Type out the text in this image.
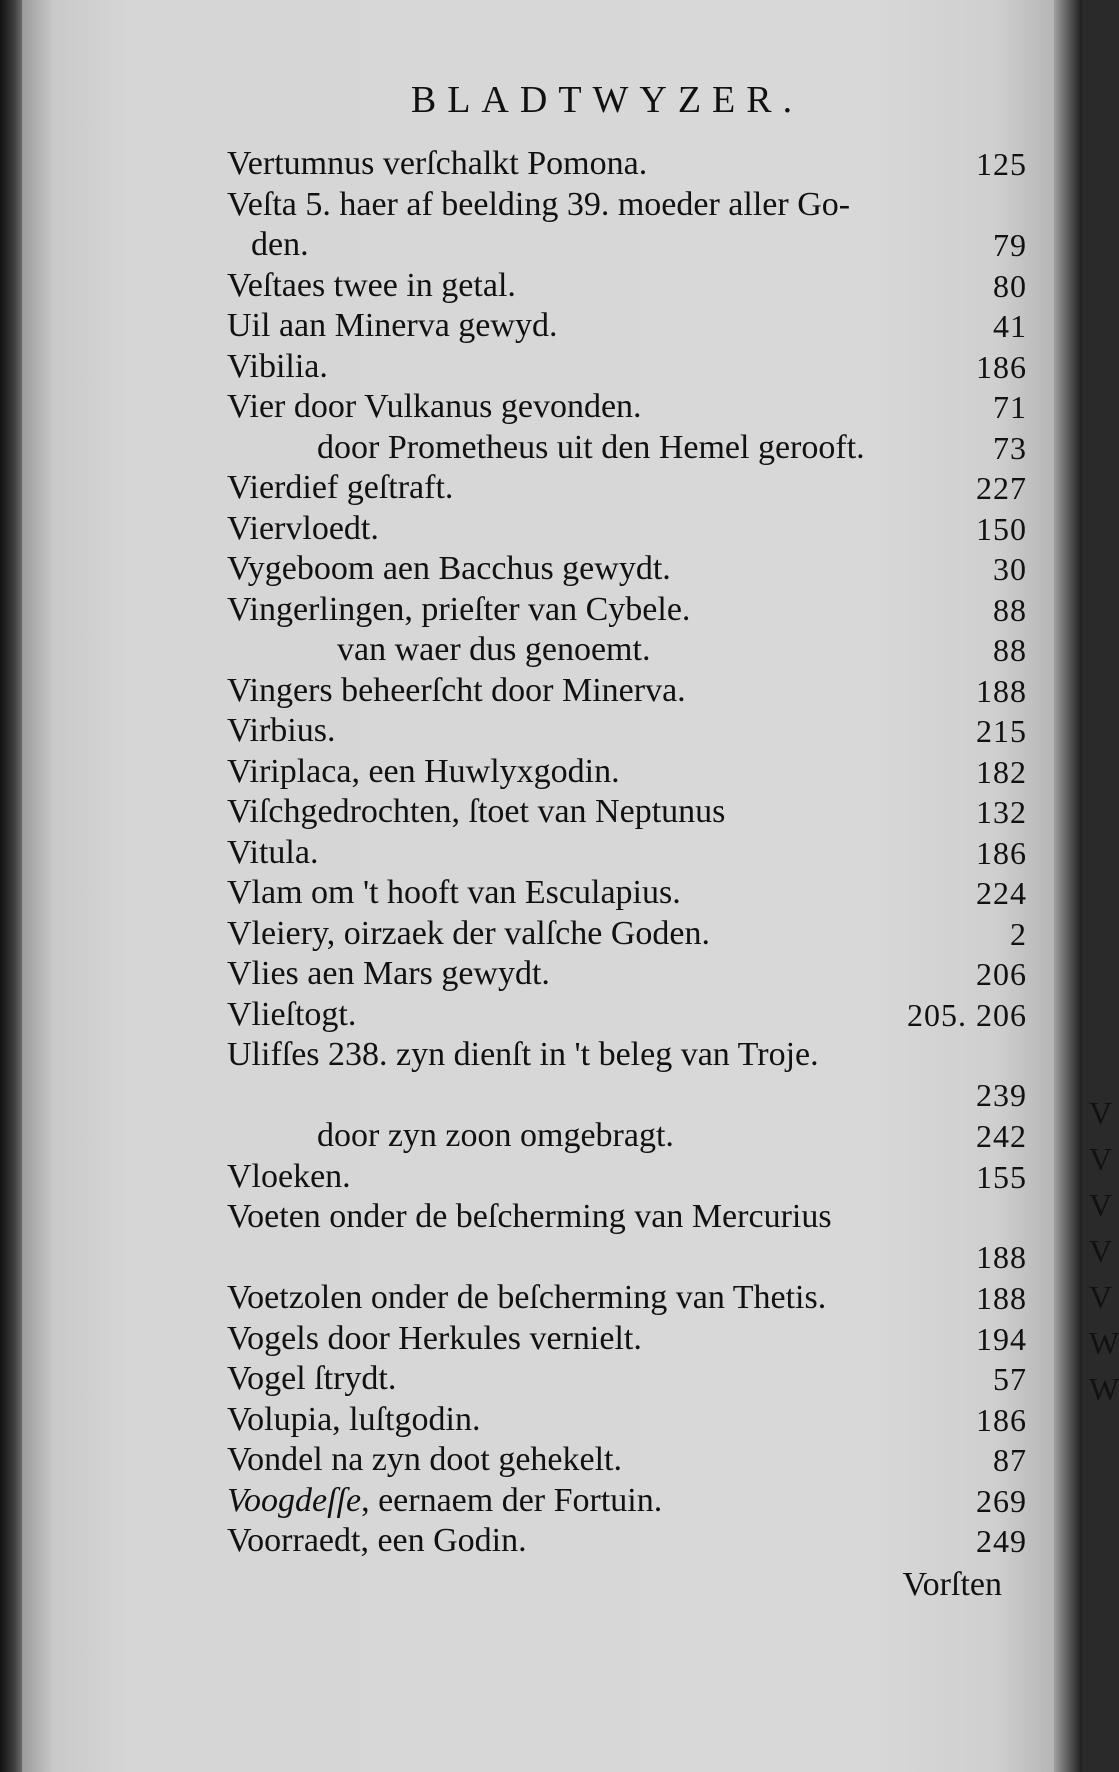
BLADTWYZER.
Vertumnus verſchalkt Pomona.	125
Veſta 5. haer af beelding 39. moeder aller Go-
den.	79
Veſtaes twee in getal.	80
Uil aan Minerva gewyd.	41
Vibilia.	186
Vier door Vulkanus gevonden.	71
door Prometheus uit den Hemel gerooft.	73
Vierdief geſtraft.	227
Viervloedt.	150
Vygeboom aen Bacchus gewydt.	30
Vingerlingen, prieſter van Cybele.	88
van waer dus genoemt.	88
Vingers beheerſcht door Minerva.	188
Virbius.	215
Viriplaca, een Huwlyxgodin.	182
Viſchgedrochten, ſtoet van Neptunus	132
Vitula.	186
Vlam om 't hooft van Esculapius.	224
Vleiery, oirzaek der valſche Goden.	2
Vlies aen Mars gewydt.	206
Vlieſtogt.	205. 206
Ulifſes 238. zyn dienſt in 't beleg van Troje.
239
door zyn zoon omgebragt.	242
Vloeken.	155
Voeten onder de beſcherming van Mercurius
188
Voetzolen onder de beſcherming van Thetis.	188
Vogels door Herkules vernielt.	194
Vogel ſtrydt.	57
Volupia, luſtgodin.	186
Vondel na zyn doot gehekelt.	87
Voogdeſſe, eernaem der Fortuin.	269
Voorraedt, een Godin.	249
Vorſten
V
V
V
V
V
W
W
